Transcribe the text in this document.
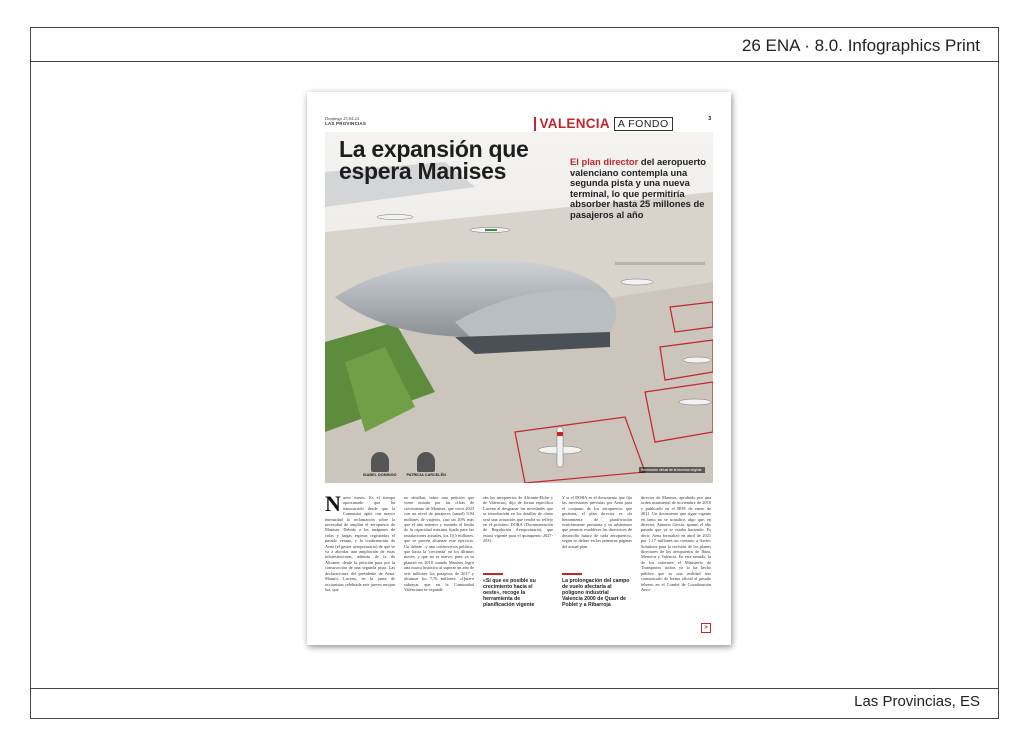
26 ENA · 8.0. Infographics Print
Las Provincias, ES
Domingo 25.04.24
LAS PROVINCIAS	VALENCIA A FONDO	3
La expansión que
espera Manises	El plan director del aeropuerto valenciano contempla una segunda pista y una nueva terminal, lo que permitiría absorber hasta 25 millones de pasajeros al año
Recreación virtual de la terminal original.
ISABEL DOMINGO	PATRICIA CARCELÉN
Nueve meses. Es el tiempo aproximado que ha transcurrido desde que la Comunitat agitó con mayor intensidad la reclamación sobre la necesidad de ampliar el aeropuerto de Manises. Debido a las imágenes de colas y largas esperas registradas el pasado verano, y la confirmación de Aena (el gestor aeroportuario) de que se va a abordar una ampliación de estas infraestructuras, además de la de Alicante, desde la petición para por la construcción de una segunda pista. Las declaraciones del presidente de Aena, Maurici Lucena, en la junta de accionistas celebrada este jueves arrojan luz, que
no detallan, sobre una petición que viene notada por las cifras de crecimiento de Manises, que cerró 2023 con un nivel de pasajeros (anual) 9,94 millones de viajeros, casi un 20% más que el año anterior y rozando el límite de la capacidad máxima fijada para las instalaciones actuales, los 10,5 millones, que se prevén alcanzar este ejercicio. Un debate –y una controversia política– que hasta la 'crecienda' en los últimos meses, y que no es nuevo, pues ya se planteó en 2018 cuando Manises logró una marca histórica al superar un año de seis millones los pasajeros de 2017 y alcanzar los 7,76 millones. «Quiero subrayar que en la Comunidad Valenciana se expandi-
rán los aeropuertos de Alicante-Elche y de Valencia», dijo de forma específica Lucena al desgranar las novedades que se introducirán en los detalles de cómo será una actuación que tendrá su reflejo en el próximo DORA (Documentación de Regulación Aeroportuaria), que estará vigente para el quinquenio 2027-2031.
«Sí que es posible su crecimiento hacia el oeste», recoge la herramienta de planificación vigente
Y si el DORA es el documento que fija las inversiones previstas por Aena para el conjunto de los aeropuertos que gestiona, el plan director es «la herramienta de planificación estrictamente portuaria y su urbanismo que permite establecer las directrices de desarrollo futuro de cada aeropuerto», según se define en las primeras páginas del actual plan
La prolongación del campo de vuelo afectaría al polígono industrial Valencia 2000 de Quart de Poblet y a Ribarroja
director de Manises, aprobado por una orden ministerial de noviembre de 2010 y publicado en el BOE de enero de 2011. Un documento que sigue vigente en tanto no se actualice, algo que, en director, Antonio García, apuntó el año pasado que ya se estaba haciendo. Es decir, Aena formalizó en abril de 2021 por 1,17 millones un contrato a Aertec Solutions para la revisión de los planes directores de los aeropuertos de Ibiza, Menorca y Valencia. En este sentido, la de los informes el Ministerio de Transportes tachos ya lo ha hecho público que es una realidad tras comunicarlo de forma oficial el pasado febrero en el Comité de Coordinación Aero-
>
